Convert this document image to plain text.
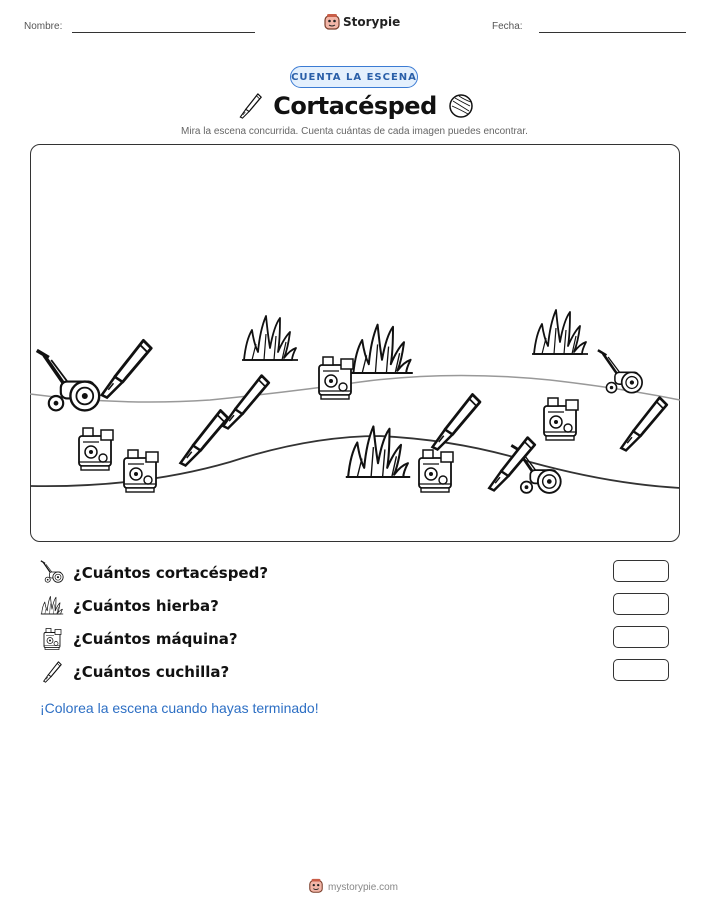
Nombre:	Storypie	Fecha:
CUENTA LA ESCENA
Cortacésped
Mira la escena concurrida. Cuenta cuántas de cada imagen puedes encontrar.
¿Cuántos cortacésped?
¿Cuántos hierba?
¿Cuántos máquina?
¿Cuántos cuchilla?
¡Colorea la escena cuando hayas terminado!
mystorypie.com
